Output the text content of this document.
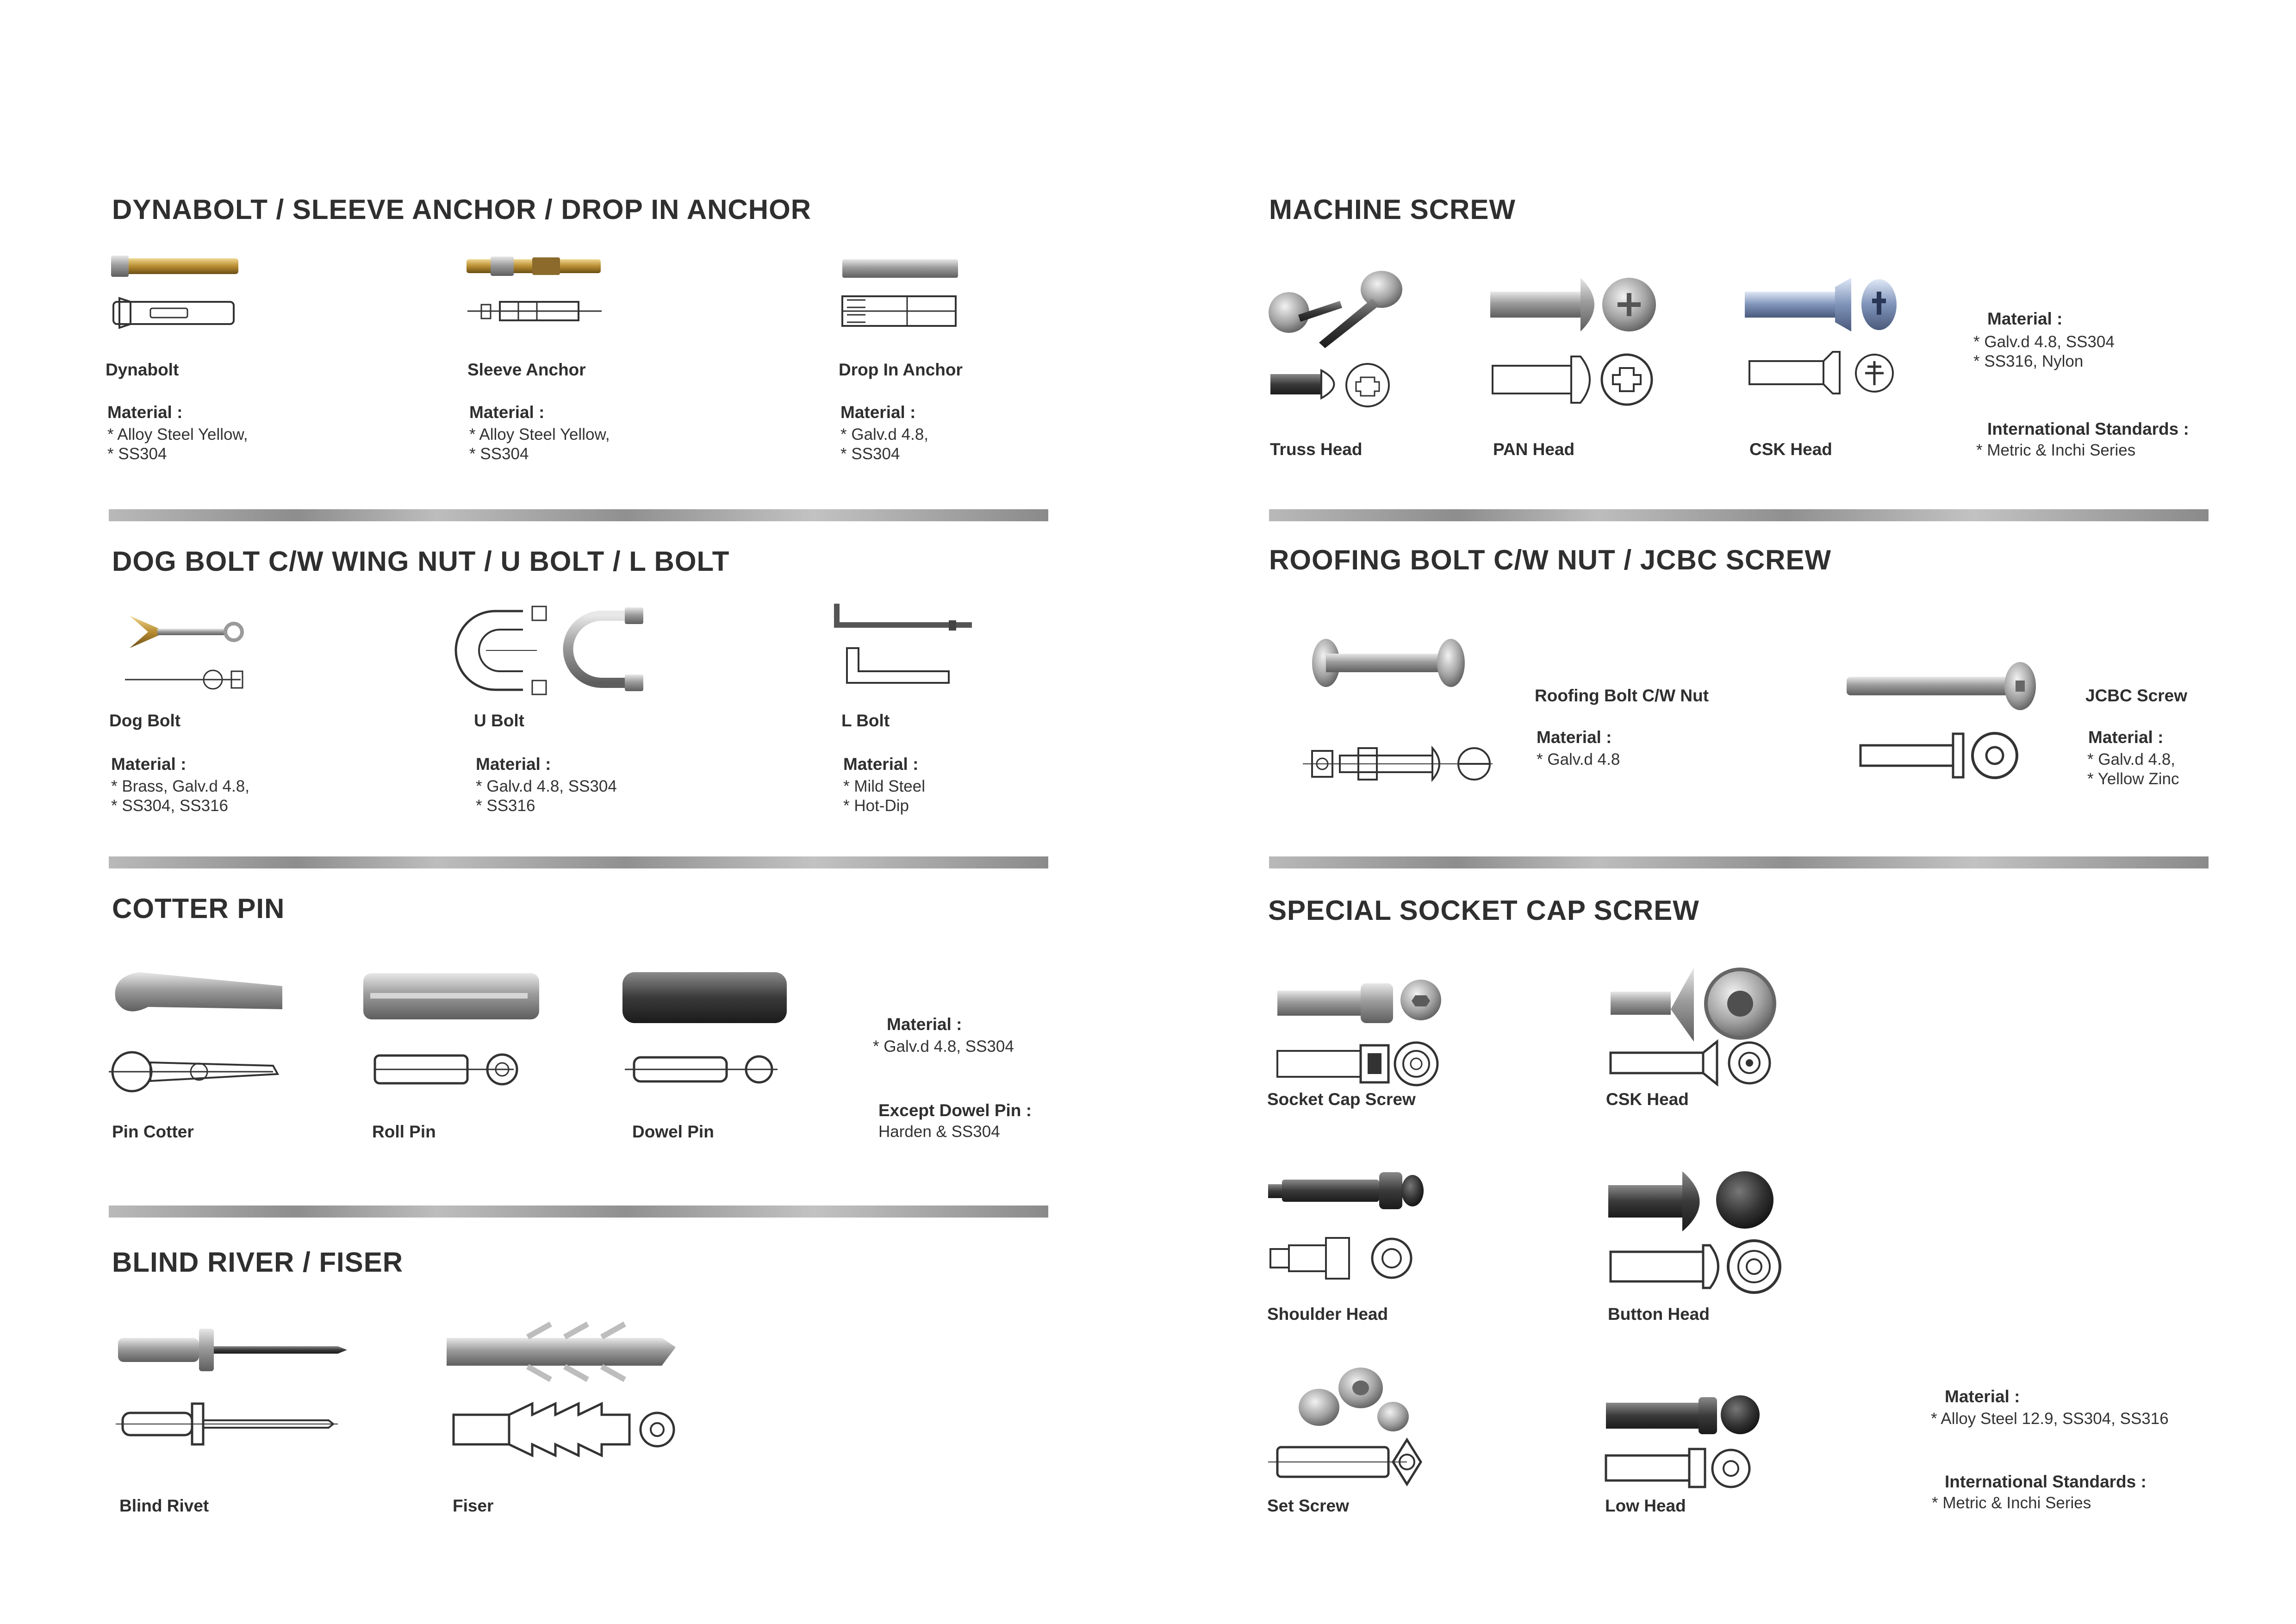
DYNABOLT / SLEEVE ANCHOR / DROP IN ANCHOR
Dynabolt
Material :
* Alloy Steel Yellow,
* SS304
Sleeve Anchor
Material :
* Alloy Steel Yellow,
* SS304
Drop In Anchor
Material :
* Galv.d 4.8,
* SS304
DOG BOLT C/W WING NUT / U BOLT / L BOLT
Dog Bolt
Material :
* Brass, Galv.d 4.8,
* SS304, SS316
U Bolt
Material :
* Galv.d 4.8, SS304
* SS316
L Bolt
Material :
* Mild Steel
* Hot-Dip
COTTER PIN
Pin Cotter	Roll Pin	Dowel Pin
Material :
* Galv.d 4.8, SS304
Except Dowel Pin :
Harden & SS304
BLIND RIVER / FISER
Blind Rivet	Fiser
MACHINE SCREW
Truss Head	PAN Head	CSK Head
Material :
* Galv.d 4.8, SS304
* SS316, Nylon
International Standards :
* Metric & Inchi Series
ROOFING BOLT C/W NUT / JCBC SCREW
Roofing Bolt C/W Nut
Material :
* Galv.d 4.8
JCBC Screw
Material :
* Galv.d 4.8,
* Yellow Zinc
SPECIAL SOCKET CAP SCREW
Socket Cap Screw	CSK Head
Shoulder Head	Button Head
Set Screw	Low Head
Material :
* Alloy Steel 12.9, SS304, SS316
International Standards :
* Metric & Inchi Series
